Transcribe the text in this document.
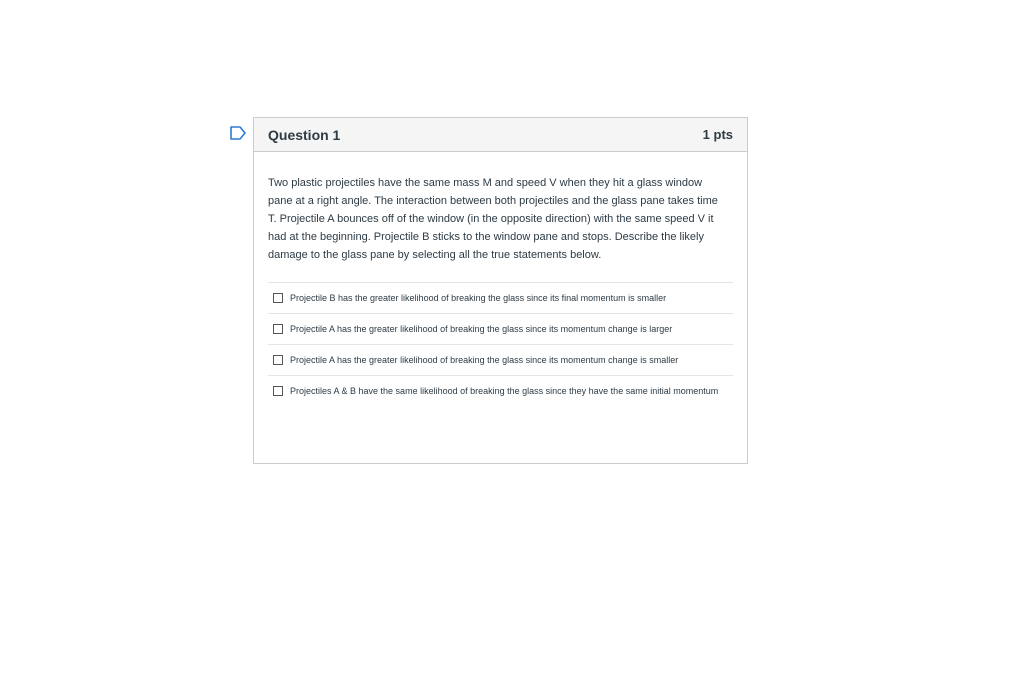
Question 1	1 pts

Two plastic projectiles have the same mass M and speed V when they hit a glass window pane at a right angle. The interaction between both projectiles and the glass pane takes time T. Projectile A bounces off of the window (in the opposite direction) with the same speed V it had at the beginning. Projectile B sticks to the window pane and stops. Describe the likely damage to the glass pane by selecting all the true statements below.

Projectile B has the greater likelihood of breaking the glass since its final momentum is smaller
Projectile A has the greater likelihood of breaking the glass since its momentum change is larger
Projectile A has the greater likelihood of breaking the glass since its momentum change is smaller
Projectiles A & B have the same likelihood of breaking the glass since they have the same initial momentum
